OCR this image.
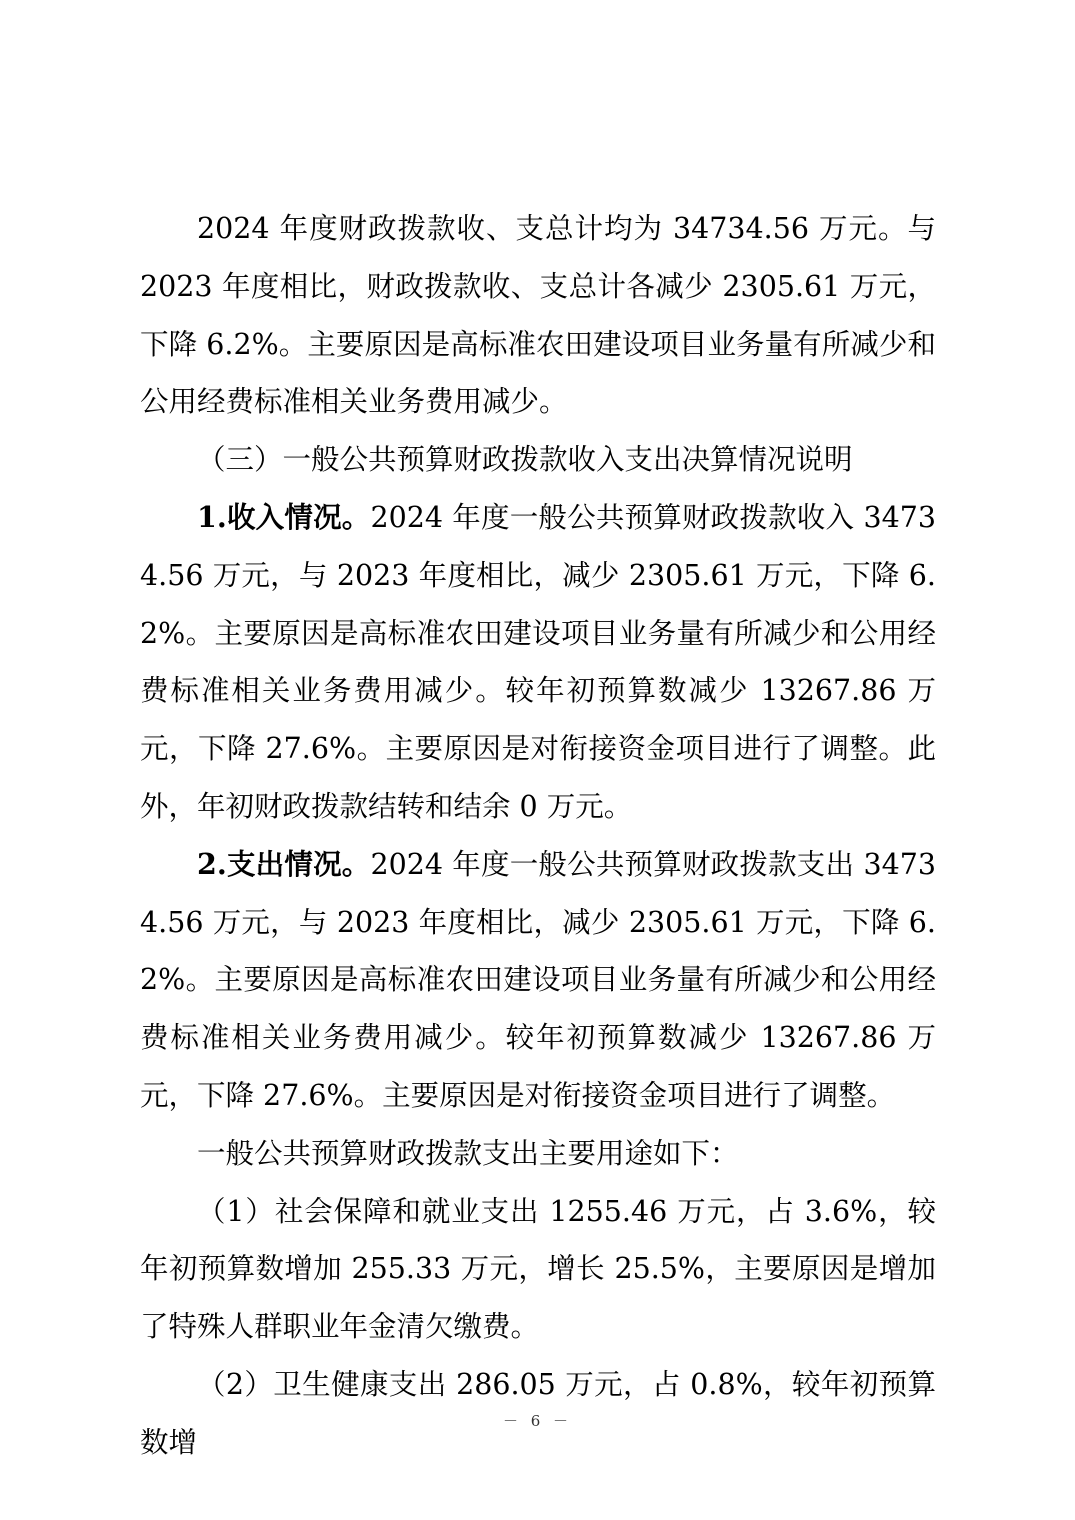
2024 年度财政拨款收、支总计均为 34734.56 万元。与 2023 年度相比，财政拨款收、支总计各减少 2305.61 万元，下降 6.2%。主要原因是高标准农田建设项目业务量有所减少和公用经费标准相关业务费用减少。

（三）一般公共预算财政拨款收入支出决算情况说明

1.收入情况。2024 年度一般公共预算财政拨款收入 34734.56 万元，与 2023 年度相比，减少 2305.61 万元，下降 6.2%。主要原因是高标准农田建设项目业务量有所减少和公用经费标准相关业务费用减少。较年初预算数减少 13267.86 万元，下降 27.6%。主要原因是对衔接资金项目进行了调整。此外，年初财政拨款结转和结余 0 万元。

2.支出情况。2024 年度一般公共预算财政拨款支出 34734.56 万元，与 2023 年度相比，减少 2305.61 万元，下降 6.2%。主要原因是高标准农田建设项目业务量有所减少和公用经费标准相关业务费用减少。较年初预算数减少 13267.86 万元，下降 27.6%。主要原因是对衔接资金项目进行了调整。

一般公共预算财政拨款支出主要用途如下：

（1）社会保障和就业支出 1255.46 万元，占 3.6%，较年初预算数增加 255.33 万元，增长 25.5%，主要原因是增加了特殊人群职业年金清欠缴费。

（2）卫生健康支出 286.05 万元，占 0.8%，较年初预算数增

－ 6 －
